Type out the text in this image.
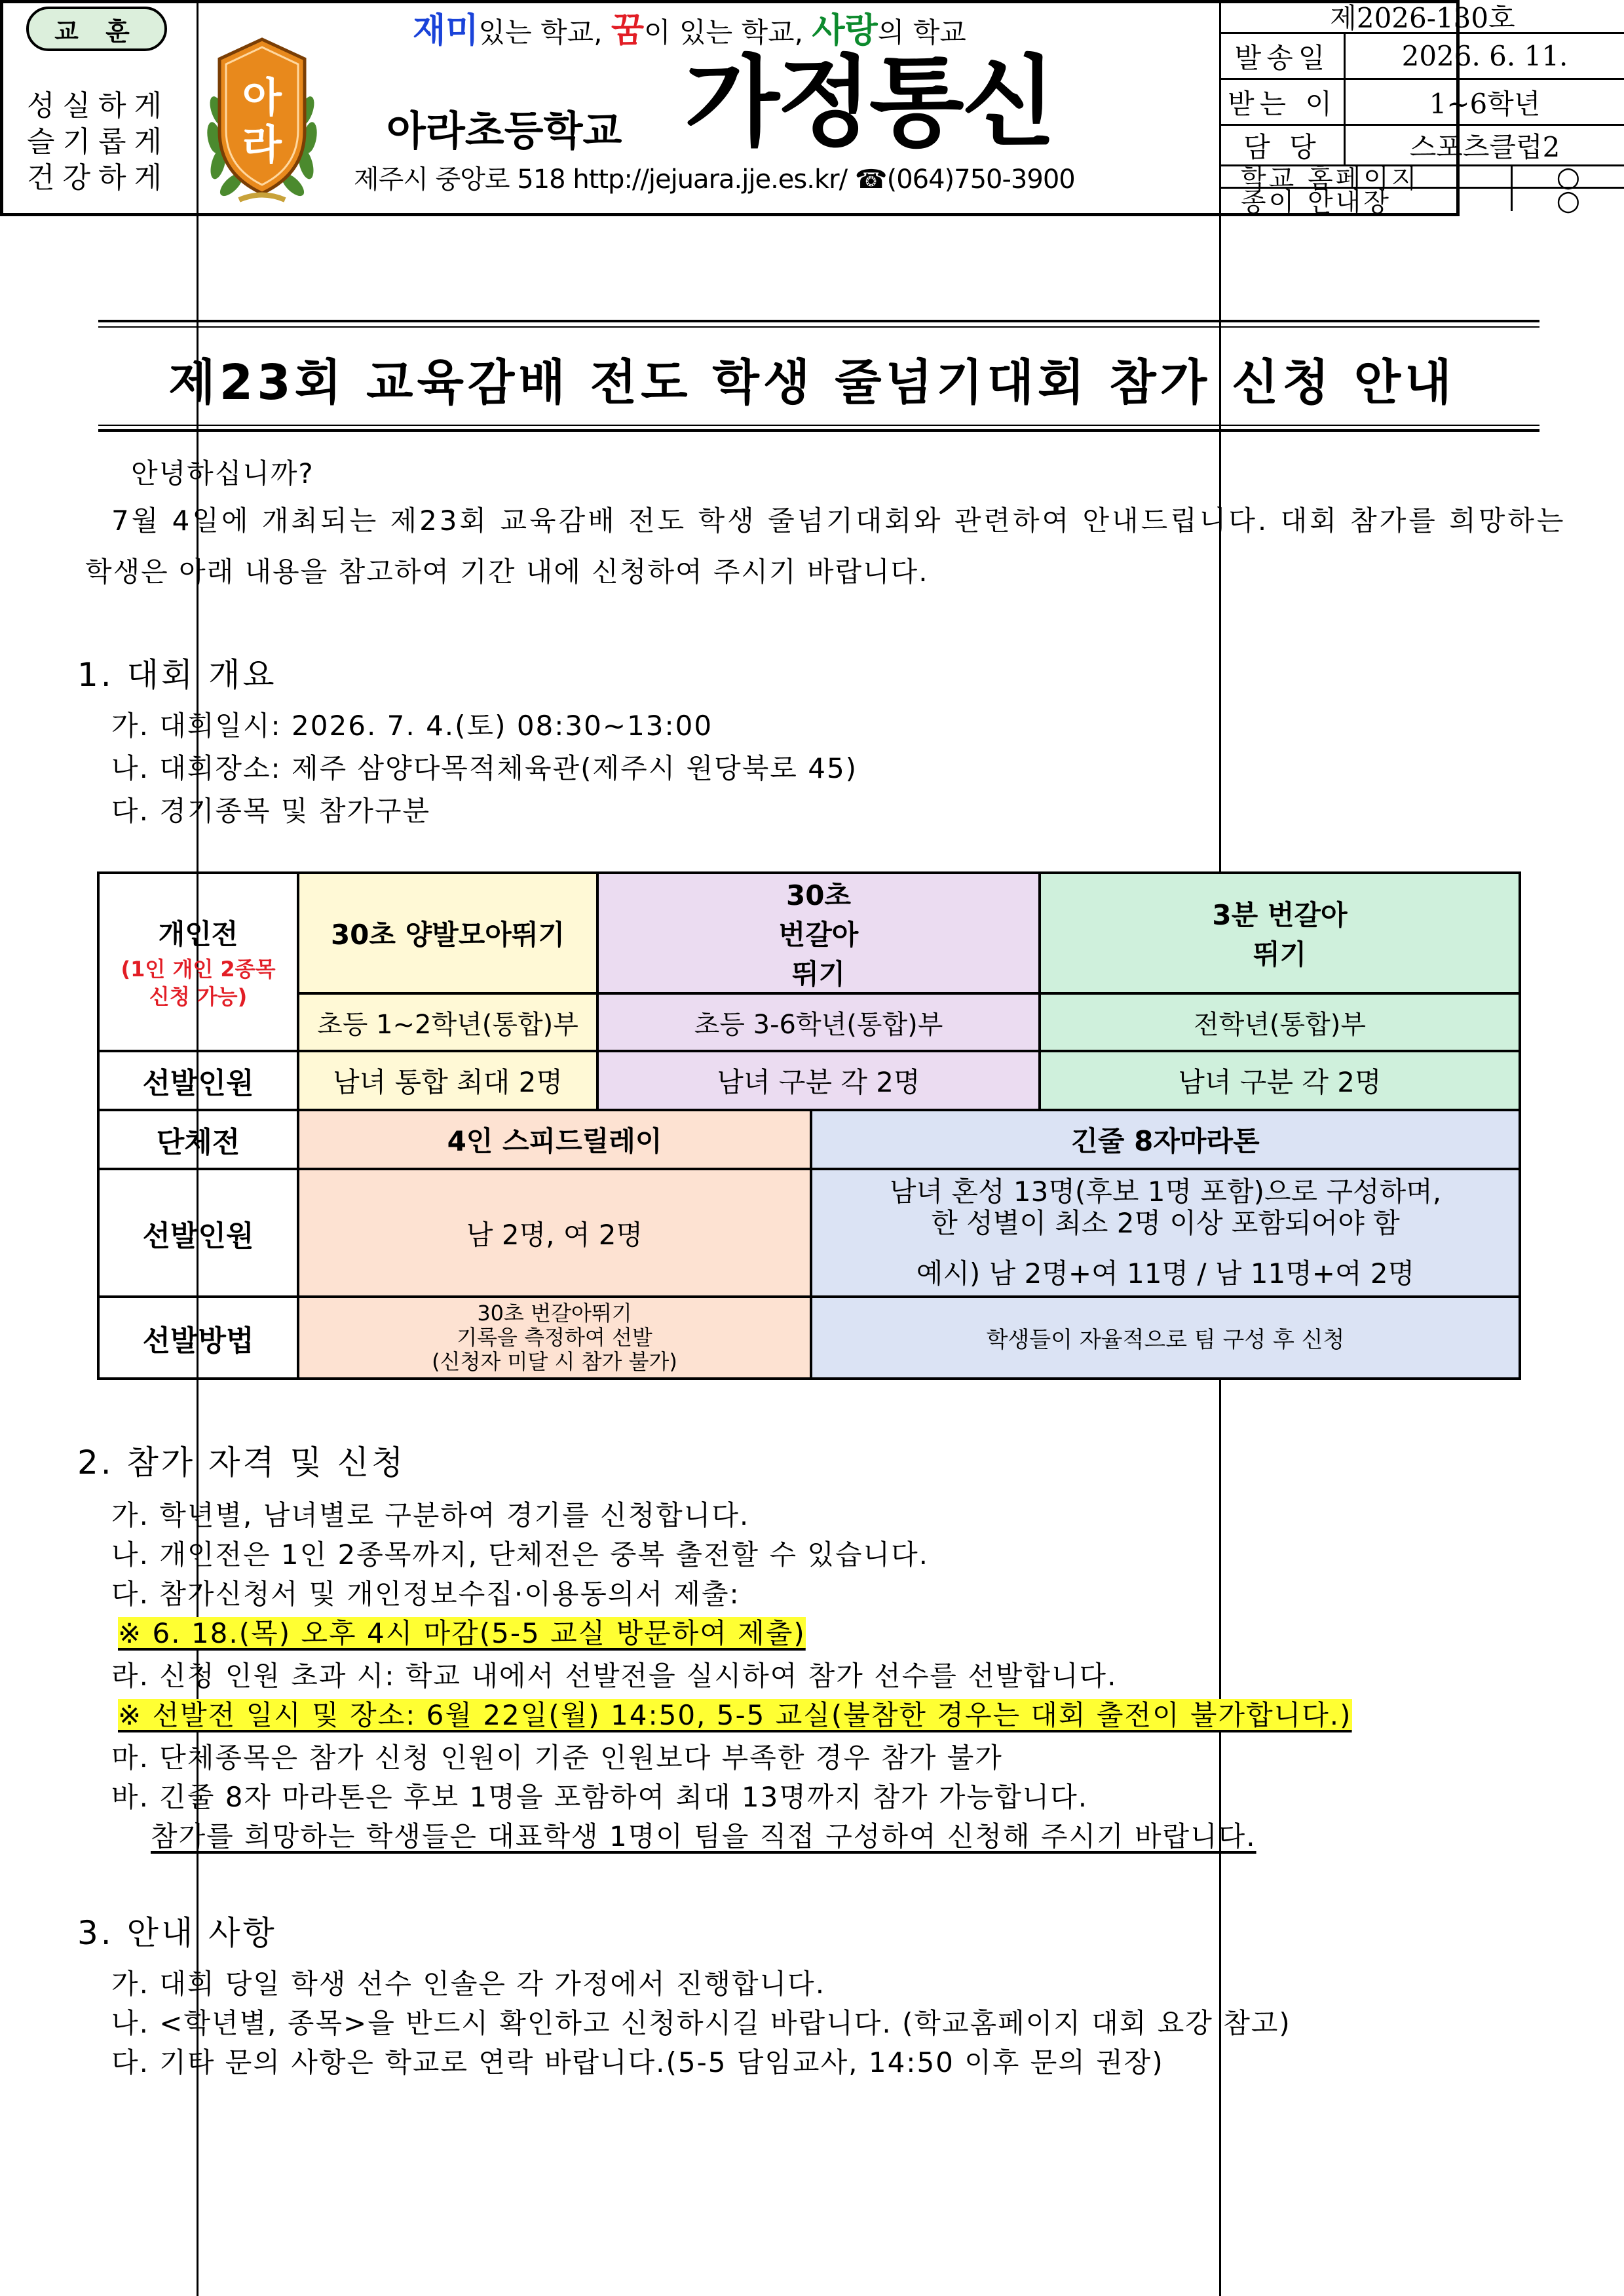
교 훈
성실하게
슬기롭게
건강하게
아
라
재미있는 학교, 꿈이 있는 학교, 사랑의 학교
아라초등학교 가정통신
제주시 중앙로 518 http://jejuara.jje.es.kr/ ☎(064)750-3900
제2026-130호
발송일	2026. 6. 11.
받는 이	1~6학년
담 당	스포츠클럽2
학교 홈페이지	○
종이 안내장	○
제23회 교육감배 전도 학생 줄넘기대회 참가 신청 안내
안녕하십니까?
7월 4일에 개최되는 제23회 교육감배 전도 학생 줄넘기대회와 관련하여 안내드립니다. 대회 참가를 희망하는
학생은 아래 내용을 참고하여 기간 내에 신청하여 주시기 바랍니다.
1. 대회 개요
가. 대회일시: 2026. 7. 4.(토) 08:30~13:00
나. 대회장소: 제주 삼양다목적체육관(제주시 원당북로 45)
다. 경기종목 및 참가구분
개인전
(1인 개인 2종목 신청 가능)	30초 양발모아뛰기	30초 번갈아뛰기	3분 번갈아뛰기
	초등 1~2학년(통합)부	초등 3-6학년(통합)부	전학년(통합)부
선발인원	남녀 통합 최대 2명	남녀 구분 각 2명	남녀 구분 각 2명
단체전	4인 스피드릴레이	긴줄 8자마라톤
선발인원	남 2명, 여 2명	남녀 혼성 13명(후보 1명 포함)으로 구성하며,
한 성별이 최소 2명 이상 포함되어야 함
예시) 남 2명+여 11명 / 남 11명+여 2명

선발방법	30초 번갈아뛰기
기록을 측정하여 선발
(신청자 미달 시 참가 불가)	학생들이 자율적으로 팀 구성 후 신청
2. 참가 자격 및 신청
가. 학년별, 남녀별로 구분하여 경기를 신청합니다.
나. 개인전은 1인 2종목까지, 단체전은 중복 출전할 수 있습니다.
다. 참가신청서 및 개인정보수집·이용동의서 제출:
※ 6. 18.(목) 오후 4시 마감(5-5 교실 방문하여 제출)
라. 신청 인원 초과 시: 학교 내에서 선발전을 실시하여 참가 선수를 선발합니다.
※ 선발전 일시 및 장소: 6월 22일(월) 14:50, 5-5 교실(불참한 경우는 대회 출전이 불가합니다.)
마. 단체종목은 참가 신청 인원이 기준 인원보다 부족한 경우 참가 불가
바. 긴줄 8자 마라톤은 후보 1명을 포함하여 최대 13명까지 참가 가능합니다.
참가를 희망하는 학생들은 대표학생 1명이 팀을 직접 구성하여 신청해 주시기 바랍니다.
3. 안내 사항
가. 대회 당일 학생 선수 인솔은 각 가정에서 진행합니다.
나. <학년별, 종목>을 반드시 확인하고 신청하시길 바랍니다. (학교홈페이지 대회 요강 참고)
다. 기타 문의 사항은 학교로 연락 바랍니다.(5-5 담임교사, 14:50 이후 문의 권장)
